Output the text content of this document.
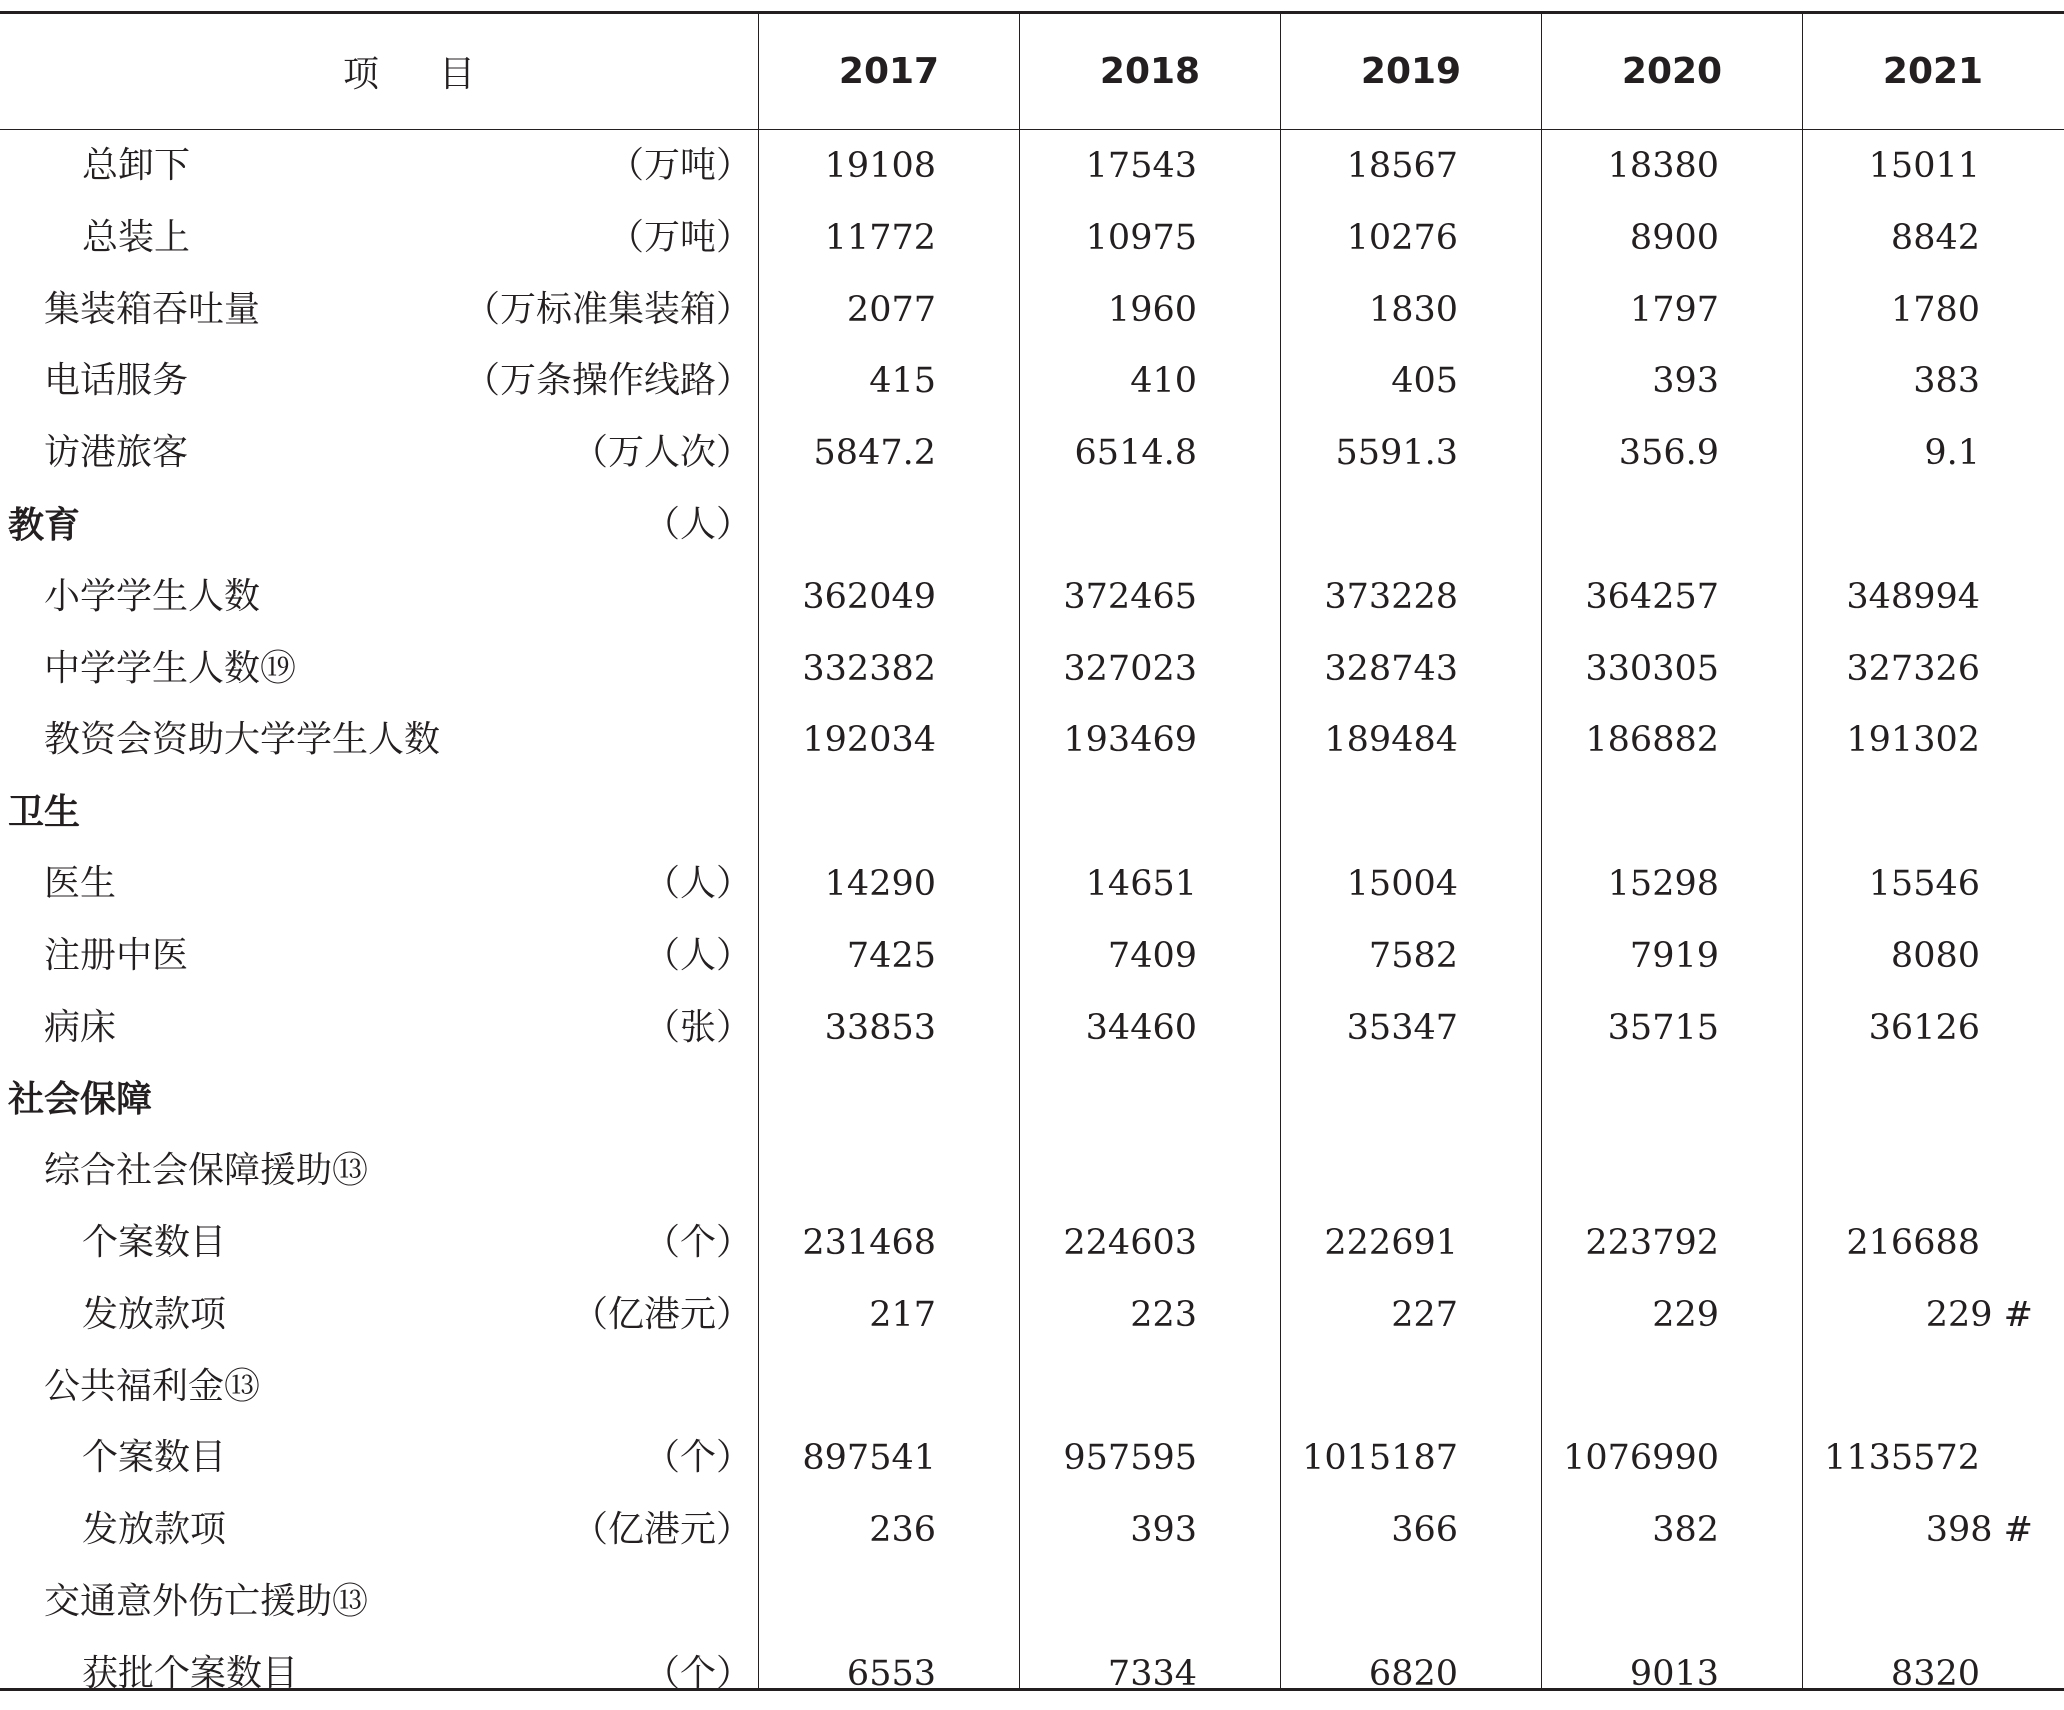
项目	2017	2018	2019	2020	2021
总卸下	（万吨） 19108	17543	18567	18380	15011
总装上	（万吨） 11772	10975	10276	8900	8842
集装箱吞吐量	（万标准集装箱）	2077	1960	1830	1797	1780
电话服务	（万条操作线路）	415	410	405	393	383
访港旅客	（万人次） 5847.2	6514.8	5591.3	356.9	9.1
教育	（人）
小学学生人数	362049	372465	373228	364257	348994
中学学生人数⑲	332382	327023	328743	330305	327326
教资会资助大学学生人数	192034	193469	189484	186882	191302
卫生
医生	（人） 14290	14651	15004	15298	15546
注册中医	（人）	7425	7409	7582	7919	8080
病床	（张） 33853	34460	35347	35715	36126
社会保障
综合社会保障援助⑬
个案数目	（个） 231468	224603	222691	223792	216688
发放款项	（亿港元）	217	223	227	229	229 #
公共福利金⑬
个案数目	（个） 897541	957595	1015187	1076990	1135572
发放款项	（亿港元）	236	393	366	382	398 #
交通意外伤亡援助⑬
获批个案数目	（个）	6553	7334	6820	9013	8320
